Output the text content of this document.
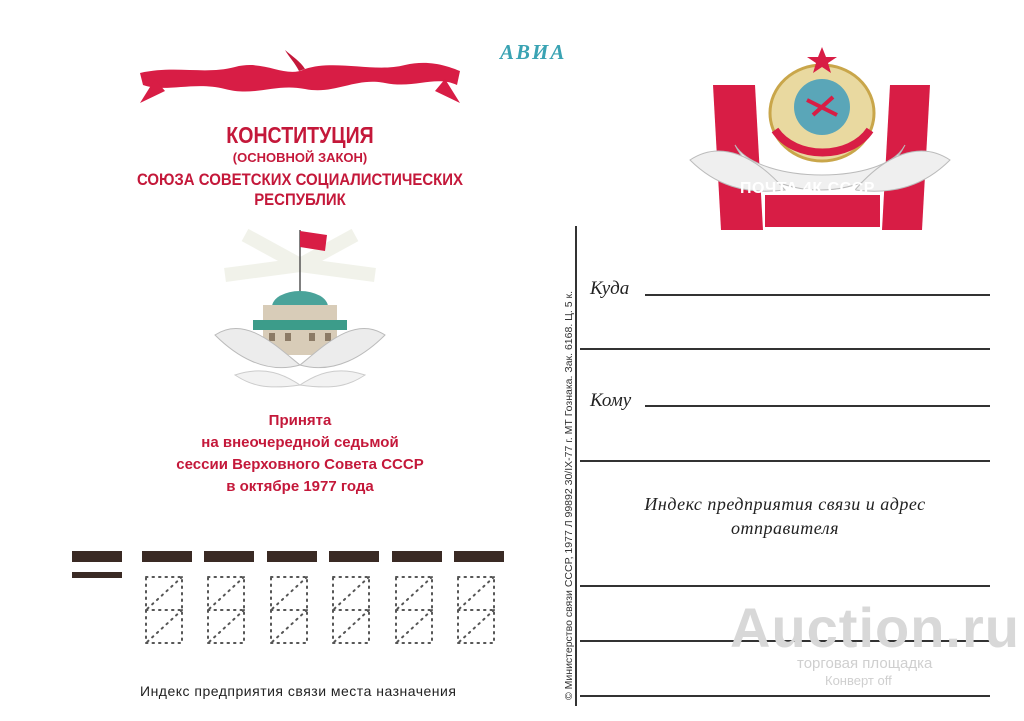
АВИА
КОНСТИТУЦИЯ
(ОСНОВНОЙ ЗАКОН)
СОЮЗА СОВЕТСКИХ СОЦИАЛИСТИЧЕСКИХ
РЕСПУБЛИК
Принята
на внеочередной седьмой
сессии Верховного Совета СССР
в октябре 1977 года
Индекс предприятия связи места назначения	© Министерство связи СССР, 1977 Л 99892 30/IX-77 г. МТ Гознака. Зак. 6168. Ц. 5 к.
ПОЧТА 4К СССР
Куда
Кому
Индекс предприятия связи и адрес
отправителя
Auction.ru
торговая площадка
Конверт off
